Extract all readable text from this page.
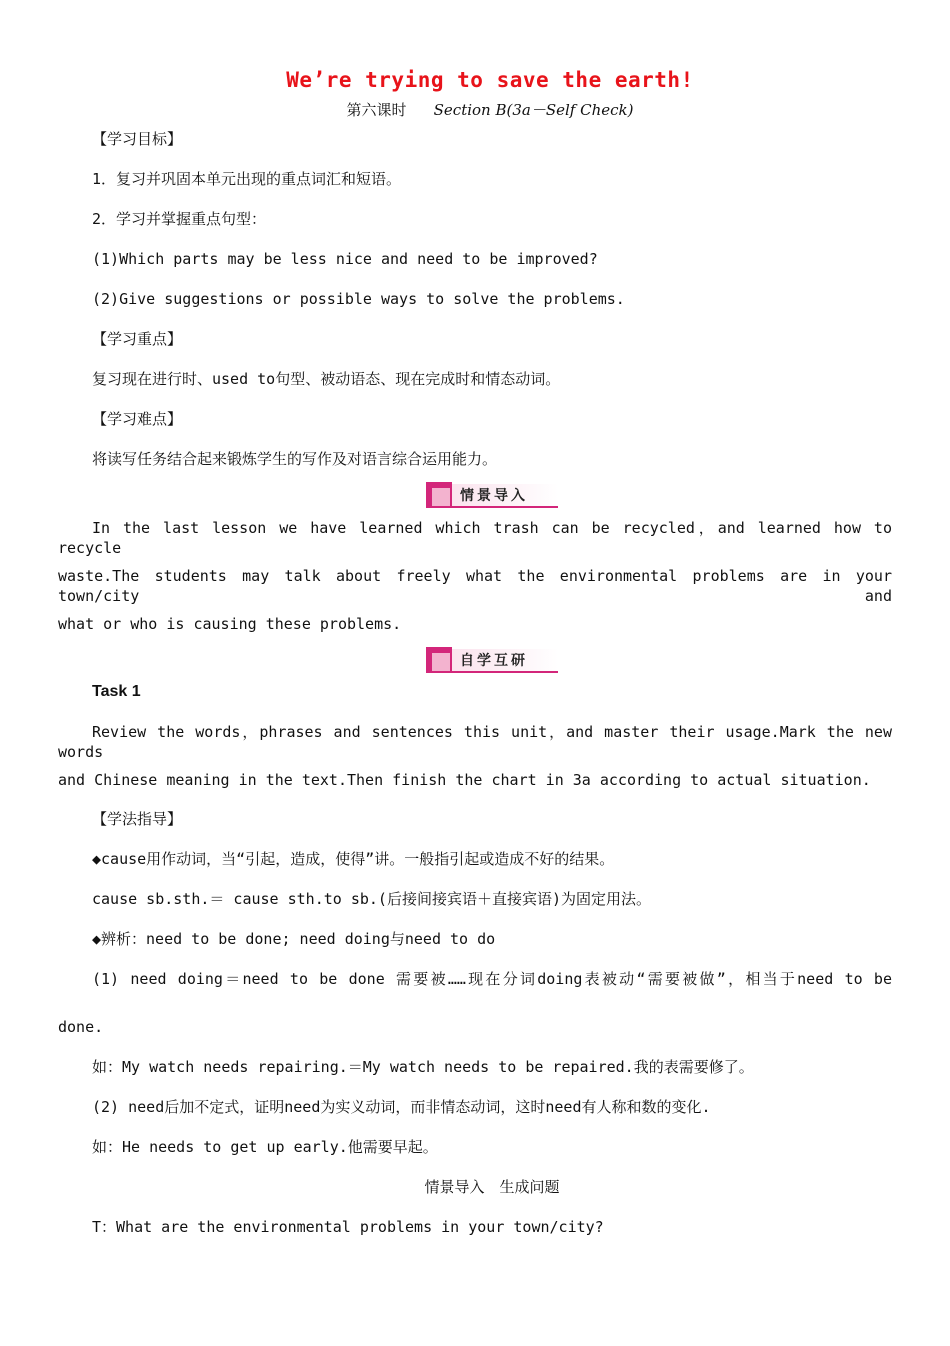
We’re trying to save the earth!
第六课时 Section B(3a－Self Check)
【学习目标】
1．复习并巩固本单元出现的重点词汇和短语。
2．学习并掌握重点句型：
(1)Which parts may be less nice and need to be improved?
(2)Give suggestions or possible ways to solve the problems.
【学习重点】
复习现在进行时、used to句型、被动语态、现在完成时和情态动词。
【学习难点】
将读写任务结合起来锻炼学生的写作及对语言综合运用能力。
情景导入
In the last lesson we have learned which trash can be recycled，and learned how to recycle
waste.The students may talk about freely what the environmental problems are in your town/city and
what or who is causing these problems.
自学互研
Task 1
Review the words，phrases and sentences this unit，and master their usage.Mark the new words
and Chinese meaning in the text.Then finish the chart in 3a according to actual situation.
【学法指导】
◆cause用作动词，当“引起，造成，使得”讲。一般指引起或造成不好的结果。
cause sb.sth.＝ cause sth.to sb.(后接间接宾语＋直接宾语)为固定用法。
◆辨析：need to be done; need doing与need to do
(1) need doing＝need to be done 需要被……现在分词doing表被动“需要被做”，相当于need to be
done.
如：My watch needs repairing.＝My watch needs to be repaired.我的表需要修了。
(2) need后加不定式，证明need为实义动词，而非情态动词，这时need有人称和数的变化.
如：He needs to get up early.他需要早起。
情景导入　生成问题
T：What are the environmental problems in your town/city?
